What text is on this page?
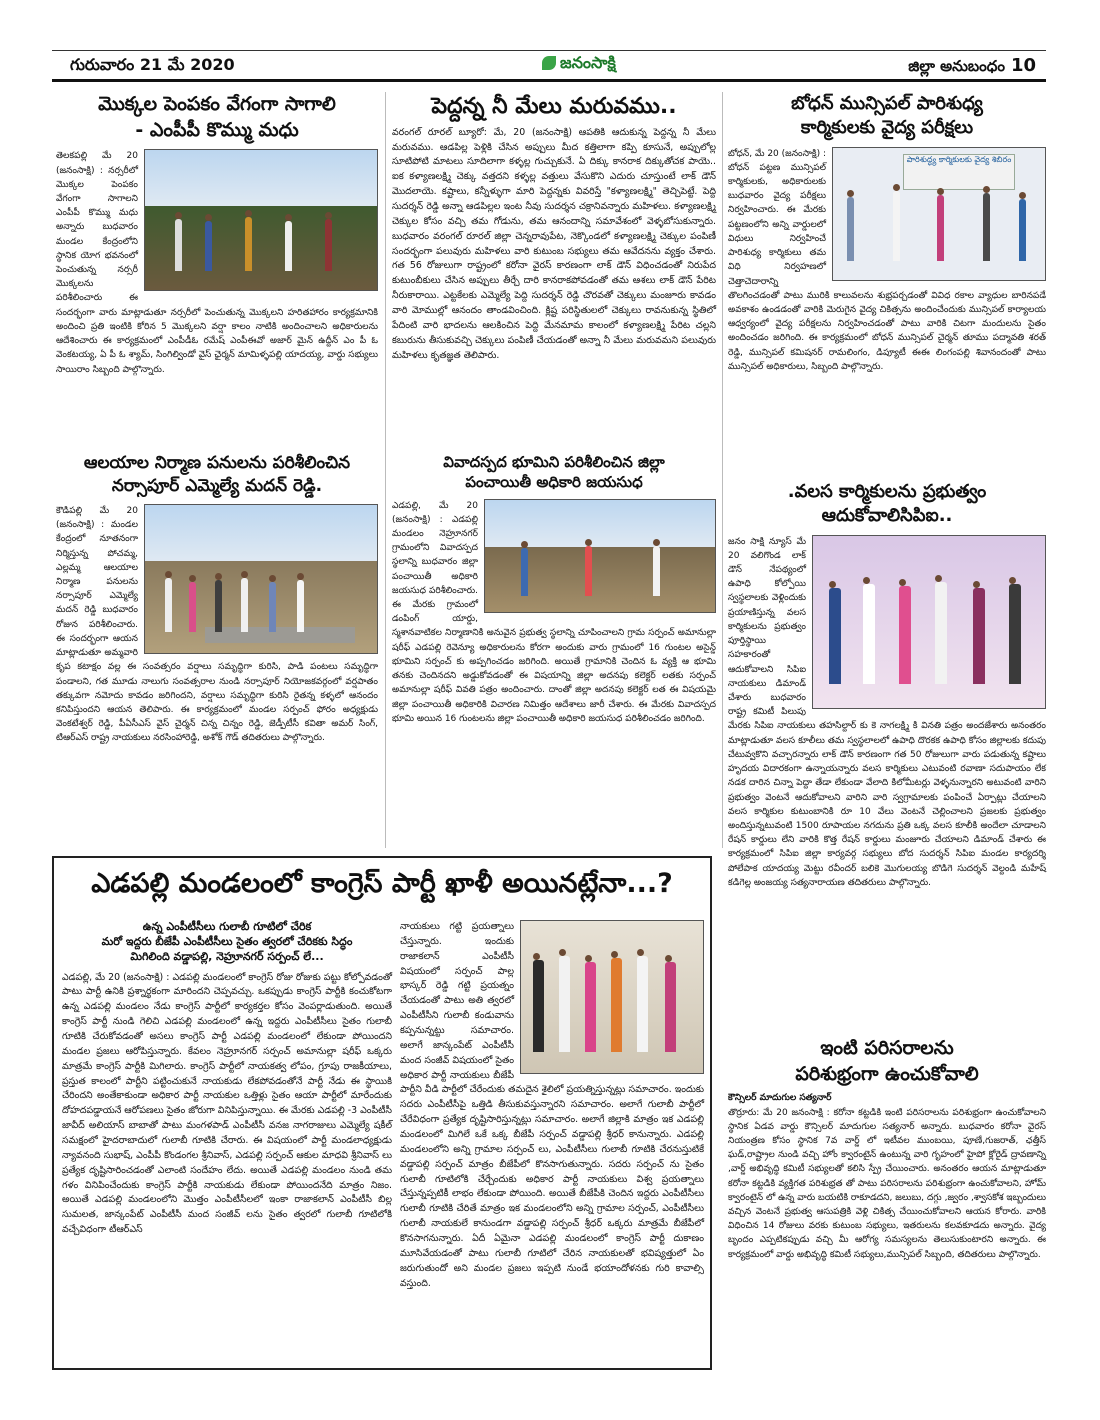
గురువారం 21 మే 2020	జనంసాక్షి	జిల్లా అనుబంధం 10

మొక్కల పెంపకం వేగంగా సాగాలి

- ఎంపీపీ కొమ్ము మధు

తెలకపల్లి మే 20 (జనంసాక్షి) : నర్సరీలో మొక్కల పెంపకం వేగంగా సాగాలని ఎంపీపీ కొమ్ము మధు అన్నారు బుధవారం మండల కేంద్రంలోని స్థానిక యోగ భవనంలో పెంచుతున్న నర్సరీ మొక్కలను పరిశీలించారు ఈ సందర్భంగా వారు మాట్లాడుతూ నర్సరీలో పెంచుతున్న మొక్కలని హరితహారం కార్యక్రమానికి అందించి ప్రతి ఇంటికి కోరిన 5 మొక్కలని వర్షా కాలం నాటికి అందించాలని అధికారులను ఆదేశించారు ఈ కార్యక్రమంలో ఎంపీడీఓ రమేష్ ఎంపీఈవో అజార్ మైన్ ఉద్దీన్ ఎం పీ ఓ వెంకటయ్య, ఏ పీ ఓ శ్యామ్, సింగిల్విండో వైస్ ఛైర్మన్ మామిళ్ళపల్లి యాదయ్య, వార్డు సభ్యులు సాయిరాం సిబ్బంది పాల్గొన్నారు.

పెద్దన్న నీ మేలు మరువము..

వరంగల్ రూరల్ బ్యూరో: మే, 20 (జనంసాక్షి) ఆపతికి ఆదుకున్న పెద్దన్న నీ మేలు మరువము. ఆడపిల్ల పెళ్లికి చేసిన అప్పులు మీద కత్తిలాగా కప్పి కూసునే, అప్పులోల్ల సూటిపోటి మాటలు సూదిలాగా కళ్ళల్ల గుచ్చుకునే. ఏ దిక్కు కానరాక దిక్కుతోచక పాయె.. ఐక కళ్యాణలక్ష్మి చెక్కు వత్తదని కళ్ళల్ల వత్తులు వేసుకొని ఎదురు చూస్తుంటే లాక్ డౌన్ మొదలాయె. కష్టాలు, కన్నీళ్ళుగా మారి పెద్దన్నకు వివరిస్తే "కళ్యాణలక్ష్మి" తెచ్చిపెట్టే. పెద్ది సుదర్శన్ రెడ్డి అన్నా ఆడపిల్లల ఇంట నీవు సుదర్శన చక్రానివన్నారు మహిళలు. కళ్యాణలక్ష్మి చెక్కుల కోసం వచ్చి తమ గోడును, తమ ఆనందాన్ని సమావేశంలో వెళ్ళబోసుకున్నారు. బుధవారం వరంగల్ రూరల్ జిల్లా చెన్నరావుపేట, నెక్కొండలో కళ్యాణలక్ష్మి చెక్కుల పంపిణీ సందర్భంగా పలువురు మహిళలు వారి కుటుంబ సభ్యులు తమ ఆవేదనను వ్యక్తం చేశారు. గత 56 రోజులుగా రాష్ట్రంలో కరోనా వైరస్ కారణంగా లాక్ డౌన్ విధించడంతో నిరుపేద కుటుంబీకులు చేసిన అప్పులు తీర్చే దారి కానరాకపోవడంతో తమ ఆశలు లాక్ డౌన్ పేరిట నీరుకారాయి. ఎట్టకేలకు ఎమ్మెల్యే పెద్ది సుదర్శన్ రెడ్డి చొరవతో చెక్కులు మంజూరు కావడం వారి మోముల్లో ఆనందం తాండవించింది. క్లిష్ట పరిస్థితులలో చెక్కులు రావనుకున్న స్థితిలో పేదింటి వారి భాదలను ఆలకించిన పెద్ది మేనమామ కాలంలో కళ్యాణలక్ష్మి పేరిట చల్లని కబురును తీసుకువచ్చి చెక్కులు పంపిణీ చేయడంతో అన్నా నీ మేలు మరువమని పలువురు మహిళలు కృతజ్ఞత తెలిపారు.

బోధన్ మున్సిపల్ పారిశుధ్య

కార్మికులకు వైద్య పరీక్షలు

పారిశుద్ధ్య కార్మికులకు వైద్య శిబిరం

బోధన్, మే 20 (జనంసాక్షి) : బోధన్ పట్టణ మున్సిపల్ కార్మికులకు, అధికారులకు బుధవారం వైద్య పరీక్షలు నిర్వహించారు. ఈ మేరకు పట్టణంలోని అన్ని వార్డులలో విధులు నిర్వహించే పారిశుధ్య కార్మికులు తమ విధి నిర్వహణలో చెత్తాచెదారాన్ని తొలగించడంతో పాటు మురికి కాలువలను శుభ్రపర్చడంతో వివిధ రకాల వ్యాధుల బారినపడే అవకాశం ఉండడంతో వారికి మెరుగైన వైద్య చికిత్సను అందించేందుకు మున్సిపల్ కార్యాలయ ఆధ్వర్యంలో వైద్య పరీక్షలను నిర్వహించడంతో పాటు వారికి చిటగా మందులను సైతం అందించడం జరిగింది. ఈ కార్యక్రమంలో బోధన్ మున్సిపల్ చైర్మన్ తూము పద్మావతి శరత్ రెడ్డి, మున్సిపల్ కమిషనర్ రామలింగం, డిప్యూటీ ఈఈ లింగంపల్లి శివానందంతో పాటు మున్సిపల్ అధికారులు, సిబ్బంది పాల్గొన్నారు.

ఆలయాల నిర్మాణ పనులను పరిశీలించిన

నర్సాపూర్ ఎమ్మెల్యే మదన్ రెడ్డి.

కౌడిపల్లి మే 20 (జనంసాక్షి) : మండల కేంద్రంలో నూతనంగా నిర్మిస్తున్న పోచమ్మ, ఎల్లమ్మ ఆలయాల నిర్మాణ పనులను నర్సాపూర్ ఎమ్మెల్యే మదన్ రెడ్డి బుధవారం రోజున పరిశీలించారు. ఈ సందర్భంగా ఆయన మాట్లాడుతూ అమ్మవారి కృప కటాక్షం వల్ల ఈ సంవత్సరం వర్షాలు సమృద్ధిగా కురిసి, పాడి పంటలు సమృద్ధిగా పండాలని, గత మూడు నాలుగు సంవత్సరాల నుండి నర్సాపూర్ నియోజకవర్గంలో వర్షపాతం తక్కువగా నమోదు కావడం జరిగిందని, వర్షాలు సమృద్ధిగా కురిసి రైతన్న కళ్ళలో ఆనందం కనిపిస్తుందని ఆయన తెలిపారు. ఈ కార్యక్రమంలో మండల సర్పంచ్ ఫోరం అధ్యక్షుడు వెంకటేశ్వర్ రెడ్డి, పీఏసీఎస్ వైస్ చైర్మన్ చిన్న చిన్నం రెడ్డి, జెడ్పీటీసీ కవితా అమర్ సింగ్, టిఆర్ఎస్ రాష్ట్ర నాయకులు నరసింహారెడ్డి, అశోక్ గౌడ్ తదితరులు పాల్గొన్నారు.

వివాదస్పద భూమిని పరిశీలించిన జిల్లా

పంచాయితీ అధికారి జయసుధ

ఎడపల్లి, మే 20 (జనంసాక్షి) : ఎడపల్లి మండలం నెహ్రూనగర్ గ్రామంలోని వివాదస్పద స్థలాన్ని బుధవారం జిల్లా పంచాయితీ అధికారి జయసుధ పరిశీలించారు. ఈ మేరకు గ్రామంలో డంపింగ్ యార్డు, స్మశానవాటికల నిర్మాణానికి అనువైన ప్రభుత్వ స్థలాన్ని చూపించాలని గ్రామ సర్పంచ్ అమానుల్లా షరీఫ్ ఎడపల్లి రెవెన్యూ అధికారులను కోరగా అందుకు వారు గ్రామంలో 16 గుంటల అసైన్డ్ భూమిని సర్పంచ్ కు అప్పగించడం జరిగింది. అయితే గ్రామానికి చెందిన ఓ వ్యక్తి ఆ భూమి తనకు చెందినదని అడ్డుకోవడంతో ఈ విషయాన్ని జిల్లా అదనపు కలెక్టర్ లతకు సర్పంచ్ అమానుల్లా షరీఫ్ వివతి పత్రం అందించారు. దాంతో జిల్లా అదనపు కలెక్టర్ లత ఈ విషయమై జిల్లా పంచాయితీ అధికారికి విచారణ నిమిత్తం ఆదేశాలు జారీ చేశారు. ఈ మేరకు వివాదస్పద భూమి అయిన 16 గుంటలను జిల్లా పంచాయితీ అధికారి జయసుధ పరిశీలించడం జరిగింది.

.వలస కార్మికులను ప్రభుత్వం

ఆదుకోవాలిసిపిఐ..

జనం సాక్షి న్యూస్ మే 20 వలిగొండ లాక్ డౌన్ నేపథ్యంలో ఉపాధి కోల్పోయి స్వస్థలాలకు వెళ్లిందుకు ప్రయాణిస్తున్న వలస కార్మికులను ప్రభుత్వం పూర్తిస్థాయి సహకారంతో ఆదుకోవాలని సిపిఐ నాయకులు డిమాండ్ చేశారు బుధవారం రాష్ట్ర కమిటీ పిలుపు మేరకు సిపిఐ నాయకులు తహసిల్దార్ కు కె నాగలక్ష్మి కి వినతి పత్రం అందజేశారు అనంతరం మాట్లాడుతూ వలస కూలీలు తమ స్వస్థలాలలో ఉపాధి దొరకక ఉపాధి కోసం జిల్లాలకు కదుపు చేటువ్వకొని వచ్చారన్నారు లాక్ డౌన్ కారణంగా గత 50 రోజులుగా వారు పడుతున్న కష్టాలు హృదయ విదారకంగా ఉన్నాయన్నారు వలస కార్మికులు ఎటువంటి రవాణా సదుపాయం లేక నడక దారిన చిన్నా పెద్దా తేడా లేకుండా వేలాది కిలోమీటర్లు వెళ్ళనున్నారని అటువంటి వారిని ప్రభుత్వం వెంటనే ఆదుకోవాలని వారిని వారి స్వగ్రామాలకు పంపించే ఏర్పాట్లు చేయాలని వలస కార్మికుల కుటుంబానికి రూ 10 వేలు వెంటనే చెల్లించాలని ప్రజలకు ప్రభుత్వం అందిస్తున్నటువంటి 1500 రూపాయల నగదును ప్రతి ఒక్క వలస కూలీకి అందేలా చూడాలని రేషన్ కార్డులు లేని వారికి కొత్త రేషన్ కార్డులు మంజూరు చేయాలని డిమాండ్ చేశారు ఈ కార్యక్రమంలో సిపిఐ జిల్లా కార్యవర్గ సభ్యులు బోద సుదర్శన్ సిపిఐ మండల కార్యదర్శి పోలేపాక యాదయ్య మెట్టు రవీందర్ బలికె మొగులయ్య బొడిగె సుదర్శన్ వెల్దండి మహేష్ కడిగెల్ల అంజయ్య సత్యనారాయణ తదితరులు పాల్గొన్నారు.

ఎడపల్లి మండలంలో కాంగ్రెస్ పార్టీ ఖాళీ అయినట్లేనా...?

ఉన్న ఎంపీటీసీలు గులాబీ గూటిలో చేరిక

మరో ఇద్దరు బీజేపీ ఎంపీటీసీలు సైతం త్వరలో చేరికకు సిద్ధం

మిగిలింది వడ్డాపల్లి, నెహ్రూనగర్ సర్పంచ్ లే...

ఎడపల్లి, మే 20 (జనంసాక్షి) : ఎడపల్లి మండలంలో కాంగ్రెస్ రోజు రోజుకు పట్టు కోల్పోవడంతో పాటు పార్టీ ఉనికి ప్రశ్నార్థకంగా మారిందని చెప్పవచ్చు. ఒకప్పుడు కాంగ్రెస్ పార్టీకి కంచుకోటగా ఉన్న ఎడపల్లి మండలం నేడు కాంగ్రెస్ పార్టీలో కార్యకర్తల కోసం వెంపర్లాడుతుంది. అయితే కాంగ్రెస్ పార్టీ నుండి గెలిచి ఎడపల్లి మండలంలో ఉన్న ఇద్దరు ఎంపీటీసీలు సైతం గులాబీ గూటికి చేరుకోవడంతో అసలు కాంగ్రెస్ పార్టీ ఎడపల్లి మండలంలో లేకుండా పోయిందని మండల ప్రజలు ఆరోపిస్తున్నారు. కేవలం నెహ్రూనగర్ సర్పంచ్ అమానుల్లా షరీఫ్ ఒక్కరు మాత్రమే కాంగ్రెస్ పార్టీకి మిగిలారు. కాంగ్రెస్ పార్టీలో నాయకత్వ లోపం, గ్రూపు రాజకీయాలు, ప్రస్తుత కాలంలో పార్టీని పట్టించుకునే నాయకుడు లేకపోవడంతోనే పార్టీ నేడు ఈ స్థాయికి చేరిందని అంతేకాకుండా అధికార పార్టీ నాయకుల ఒత్తిళ్లు సైతం ఆయా పార్టీలో మారేందుకు దోహదపడ్డాయనే ఆరోపణలు సైతం జోరుగా వినిపిస్తున్నాయి. ఈ మేరకు ఎడపల్లి -3 ఎంపీటీసీ జావీద్ అలియాస్ బాబాతో పాటు మంగళపాడ్ ఎంపీటీసీ వనజ నాగరాజులు ఎమ్మెల్యే షకీల్ సమక్షంలో హైదరాబాదులో గులాబీ గూటికి చేరారు. ఈ విషయంలో పార్టీ మండలాధ్యక్షుడు న్యావనంది సుభాష్, ఎంపీపీ కొండంగల శ్రీనివాస్, ఎడపల్లి సర్పంచ్ ఆకుల మాధవి శ్రీనివాస్ లు ప్రత్యేక దృష్టిసారించడంతో ఎలాంటి సందేహం లేదు. అయితే ఎడపల్లి మండలం నుండి తమ గళం వినిపించేందుకు కాంగ్రెస్ పార్టీకి నాయకుడు లేకుండా పోయిందనేది మాత్రం నిజం. అయితే ఎడపల్లి మండలంలోని మొత్తం ఎంపీటీసీలలో ఇంకా రాజాకలాన్ ఎంపీటీసీ బిల్ల సుమలత, జాన్కంపేట్ ఎంపీటీసీ మంద సంజీవ్ లను సైతం త్వరలో గులాబీ గూటిలోకి వచ్చేవిధంగా టీఆర్ఎస్

నాయకులు గట్టి ప్రయత్నాలు చేస్తున్నారు. ఇందుకు రాజాకలాన్ ఎంపీటీసీ విషయంలో సర్పంచ్ పాల్ల భాస్కర్ రెడ్డి గట్టి ప్రయత్నం చేయడంతో పాటు అతి త్వరలో ఎంపీటీసీని గులాబీ కండువాను కప్పనున్నట్టు సమాచారం. అలాగే జాన్కంపేట్ ఎంపీటీసీ మంద సంజీవ్ విషయంలో సైతం అధికార పార్టీ నాయకులు బీజేపీ పార్టీని వీడి పార్టీలో చేరేందుకు తమదైన శైలిలో ప్రయత్నిస్తున్నట్లు సమాచారం. ఇందుకు సదరు ఎంపీటీసీపై ఒత్తిడి తీసుకువస్తున్నారని సమాచారం. అలాగే గులాబీ పార్టీలో చేరేవిధంగా ప్రత్యేక దృష్టిసారిస్తున్నట్లు సమాచారం. అలాగే జిల్లాకి మాత్రం ఇక ఎడపల్లి మండలంలో మిగిలే ఒకే ఒక్క బీజేపీ సర్పంచ్ వడ్డాపల్లి శ్రీధర్ కానున్నారు. ఎడపల్లి మండలంలోని అన్ని గ్రామాల సర్పంచ్ లు, ఎంపీటీసీలు గులాబీ గూటికి చేరనుస్తుటికే వడ్డాపల్లి సర్పంచ్ మాత్రం బీజేపీలో కొనసాగుతున్నారు. సదరు సర్పంచ్ ను సైతం గులాబీ గూటిలోకి చేర్చేందుకు అధికార పార్టీ నాయకులు విశ్వ ప్రయత్నాలు చేస్తున్నప్పటికీ లాభం లేకుండా పోయింది. అయితే బీజేపీకి చెందిన ఇద్దరు ఎంపీటీసీలు గులాబీ గూటికి చేరితే మాత్రం ఇక మండలంలోని అన్ని గ్రామాల సర్పంచ్, ఎంపీటీసీలు గులాబీ నాయకులే కానుండగా వడ్డాపల్లి సర్పంచ్ శ్రీధర్ ఒక్కరు మాత్రమే బీజేపీలో కొనసాగనున్నారు. ఏదీ ఏమైనా ఎడపల్లి మండలంలో కాంగ్రెస్ పార్టీ దుకాణం మూసివేయడంతో పాటు గులాబీ గూటిలో చేరిన నాయకులతో భవిష్యత్తులో ఏం జరుగుతుందో అని మండల ప్రజలు ఇప్పటి నుండే భయాందోళనకు గురి కావాల్సి వస్తుంది.

ఇంటి పరిసరాలను

పరిశుభ్రంగా ఉంచుకోవాలి

కౌన్సిలర్ మాదుగుల సత్యనార్

తొర్రూరు: మే 20 జనంసాక్షి : కరోనా కట్టడికి ఇంటి పరిసరాలను పరిశుభ్రంగా ఉంచుకోవాలని స్థానిక ఏడవ వార్డు కౌన్సిలర్ మాదుగుల సత్యనార్ అన్నారు. బుధవారం కరోనా వైరస్ నియంత్రణ కోసం స్థానిక 7వ వార్డ్ లో ఇటీవల ముంబయి, పూణే,గుజరాత్, ఛత్తీస్ ఘడ్,రాష్ట్రాల నుండి వచ్చి హోం క్వారంటైన్ ఉంటున్న వారి గృహంలో హైపో క్లోరైడ్ ద్రావణాన్ని ,వార్డ్ అభివృద్ధి కమిటీ సభ్యులతో కలిసి స్ప్రే చేయించారు. అనంతరం ఆయన మాట్లాడుతూ కరోనా కట్టడికి వ్యక్తిగత పరిశుభ్రత తో పాటు పరిసరాలను పరిశుభ్రంగా ఉంచుకోవాలని, హోమ్ క్వారంటైన్ లో ఉన్న వారు బయటికి రాకూడదని, జలుబు, దగ్గు ,జ్వరం ,శ్వాసకోశ ఇబ్బందులు వచ్చిన వెంటనే ప్రభుత్వ ఆసుపత్రికి వెళ్లి చికిత్స చేయించుకోవాలని ఆయన కోరారు. వారికి విధించిన 14 రోజులు వరకు కుటుంబ సభ్యులు, ఇతరులను కలవకూడదు అన్నారు. వైద్య బృందం ఎప్పటికప్పుడు వచ్చి మీ ఆరోగ్య సమస్యలను తెలుసుకుంటారని అన్నారు. ఈ కార్యక్రమంలో వార్డు అభివృద్ధి కమిటీ సభ్యులు,మున్సిపల్ సిబ్బంది, తదితరులు పాల్గొన్నారు.
